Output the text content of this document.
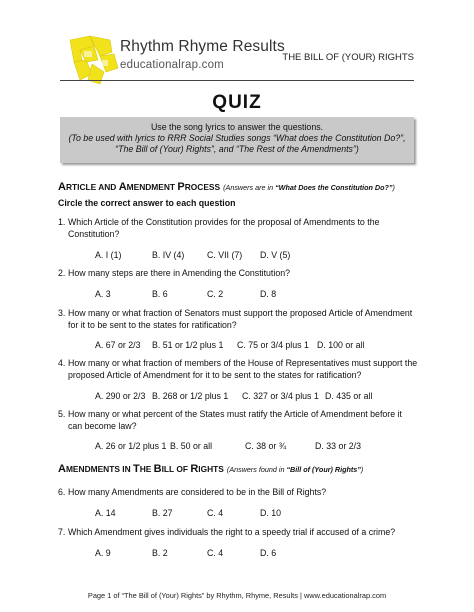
Rhythm Rhyme Results
educationalrap.com
THE BILL OF (YOUR) RIGHTS
QUIZ
Use the song lyrics to answer the questions.
(To be used with lyrics to RRR Social Studies songs “What does the Constitution Do?”, “The Bill of (Your) Rights”, and “The Rest of the Amendments”)
ARTICLE AND AMENDMENT PROCESS (Answers are in “What Does the Constitution Do?”)
Circle the correct answer to each question
AMENDMENTS IN THE BILL OF RIGHTS (Answers found in “Bill of (Your) Rights”)
Page 1 of “The Bill of (Your) Rights” by Rhythm, Rhyme, Results | www.educationalrap.com
1. Which Article of the Constitution provides for the proposal of Amendments to the Constitution?
A. I (1)	B. IV (4)	C. VII (7) D. V (5)
2. How many steps are there in Amending the Constitution?
A. 3	B. 6	C. 2	D. 8
3. How many or what fraction of Senators must support the proposed Article of Amendment for it to be sent to the states for ratification?
A. 67 or 2/3 B. 51 or 1/2 plus 1 C. 75 or 3/4 plus 1 D. 100 or all
4. How many or what fraction of members of the House of Representatives must support the proposed Article of Amendment for it to be sent to the states for ratification?
A. 290 or 2/3 B. 268 or 1/2 plus 1 C. 327 or 3/4 plus 1 D. 435 or all
5. How many or what percent of the States must ratify the Article of Amendment before it can become law?
A. 26 or 1/2 plus 1 B. 50 or all	C. 38 or ¾	D. 33 or 2/3
6. How many Amendments are considered to be in the Bill of Rights?
A. 14	B. 27	C. 4	D. 10
7. Which Amendment gives individuals the right to a speedy trial if accused of a crime?
A. 9	B. 2	C. 4	D. 6
